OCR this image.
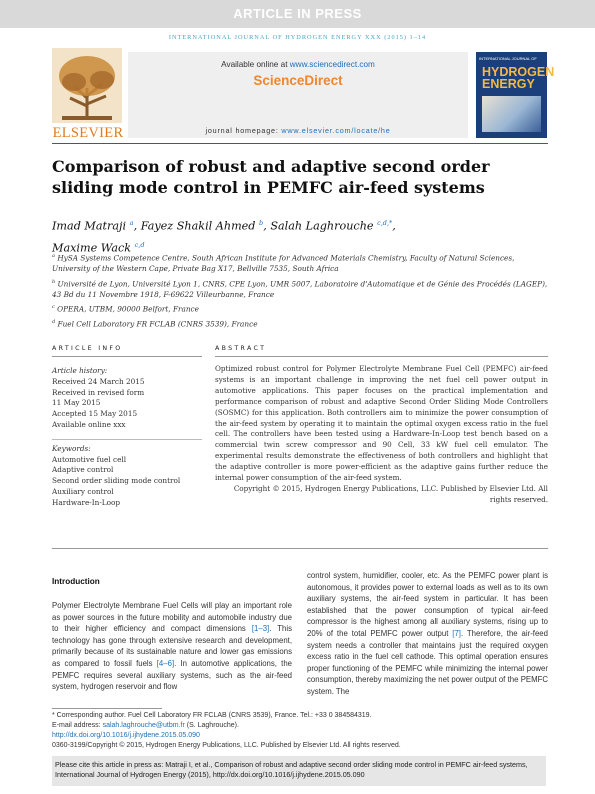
ARTICLE IN PRESS
INTERNATIONAL JOURNAL OF HYDROGEN ENERGY XXX (2015) 1–14
ELSEVIER
Available online at www.sciencedirect.com
ScienceDirect
journal homepage: www.elsevier.com/locate/he
INTERNATIONAL JOURNAL OF
HYDROGEN
ENERGY
Comparison of robust and adaptive second order
sliding mode control in PEMFC air-feed systems
Imad Matraji $^a$, Fayez Shakil Ahmed $^b$, Salah Laghrouche $^{c,d,*}$,
Maxime Wack $^{c,d}$
$^a$ HySA Systems Competence Centre, South African Institute for Advanced Materials Chemistry, Faculty of Natural Sciences, University of the Western Cape, Private Bag X17, Bellville 7535, South Africa
$^b$ Université de Lyon, Université Lyon 1, CNRS, CPE Lyon, UMR 5007, Laboratoire d'Automatique et de Génie des Procédés (LAGEP), 43 Bd du 11 Novembre 1918, F-69622 Villeurbanne, France
$^c$ OPERA, UTBM, 90000 Belfort, France
$^d$ Fuel Cell Laboratory FR FCLAB (CNRS 3539), France
ARTICLE INFO	ABSTRACT
Article history:
Received 24 March 2015
Received in revised form
11 May 2015
Accepted 15 May 2015
Available online xxx
Keywords:
Automotive fuel cell
Adaptive control
Second order sliding mode control
Auxiliary control
Hardware-In-Loop
Optimized robust control for Polymer Electrolyte Membrane Fuel Cell (PEMFC) air-feed systems is an important challenge in improving the net fuel cell power output in automotive applications. This paper focuses on the practical implementation and performance comparison of robust and adaptive Second Order Sliding Mode Controllers (SOSMC) for this application. Both controllers aim to minimize the power consumption of the air-feed system by operating it to maintain the optimal oxygen excess ratio in the fuel cell. The controllers have been tested using a Hardware-In-Loop test bench based on a commercial twin screw compressor and 90 Cell, 33 kW fuel cell emulator. The experimental results demonstrate the effectiveness of both controllers and highlight that the adaptive controller is more power-efficient as the adaptive gains further reduce the internal power consumption of the air-feed system.
Copyright © 2015, Hydrogen Energy Publications, LLC. Published by Elsevier Ltd. All rights reserved.
Introduction
Polymer Electrolyte Membrane Fuel Cells will play an important role as power sources in the future mobility and automobile industry due to their higher efficiency and compact dimensions [1–3]. This technology has gone through extensive research and development, primarily because of its sustainable nature and lower gas emissions as compared to fossil fuels [4–6]. In automotive applications, the PEMFC requires several auxiliary systems, such as the air-feed system, hydrogen reservoir and flow
control system, humidifier, cooler, etc. As the PEMFC power plant is autonomous, it provides power to external loads as well as to its own auxiliary systems, the air-feed system in particular. It has been established that the power consumption of typical air-feed compressor is the highest among all auxiliary systems, rising up to 20% of the total PEMFC power output [7]. Therefore, the air-feed system needs a controller that maintains just the required oxygen excess ratio in the fuel cell cathode. This optimal operation ensures proper functioning of the PEMFC while minimizing the internal power consumption, thereby maximizing the net power output of the PEMFC system. The
* Corresponding author. Fuel Cell Laboratory FR FCLAB (CNRS 3539), France. Tel.: +33 0 384584319.
E-mail address: salah.laghrouche@utbm.fr (S. Laghrouche).
http://dx.doi.org/10.1016/j.ijhydene.2015.05.090
0360-3199/Copyright © 2015, Hydrogen Energy Publications, LLC. Published by Elsevier Ltd. All rights reserved.
Please cite this article in press as: Matraji I, et al., Comparison of robust and adaptive second order sliding mode control in PEMFC air-feed systems, International Journal of Hydrogen Energy (2015), http://dx.doi.org/10.1016/j.ijhydene.2015.05.090
